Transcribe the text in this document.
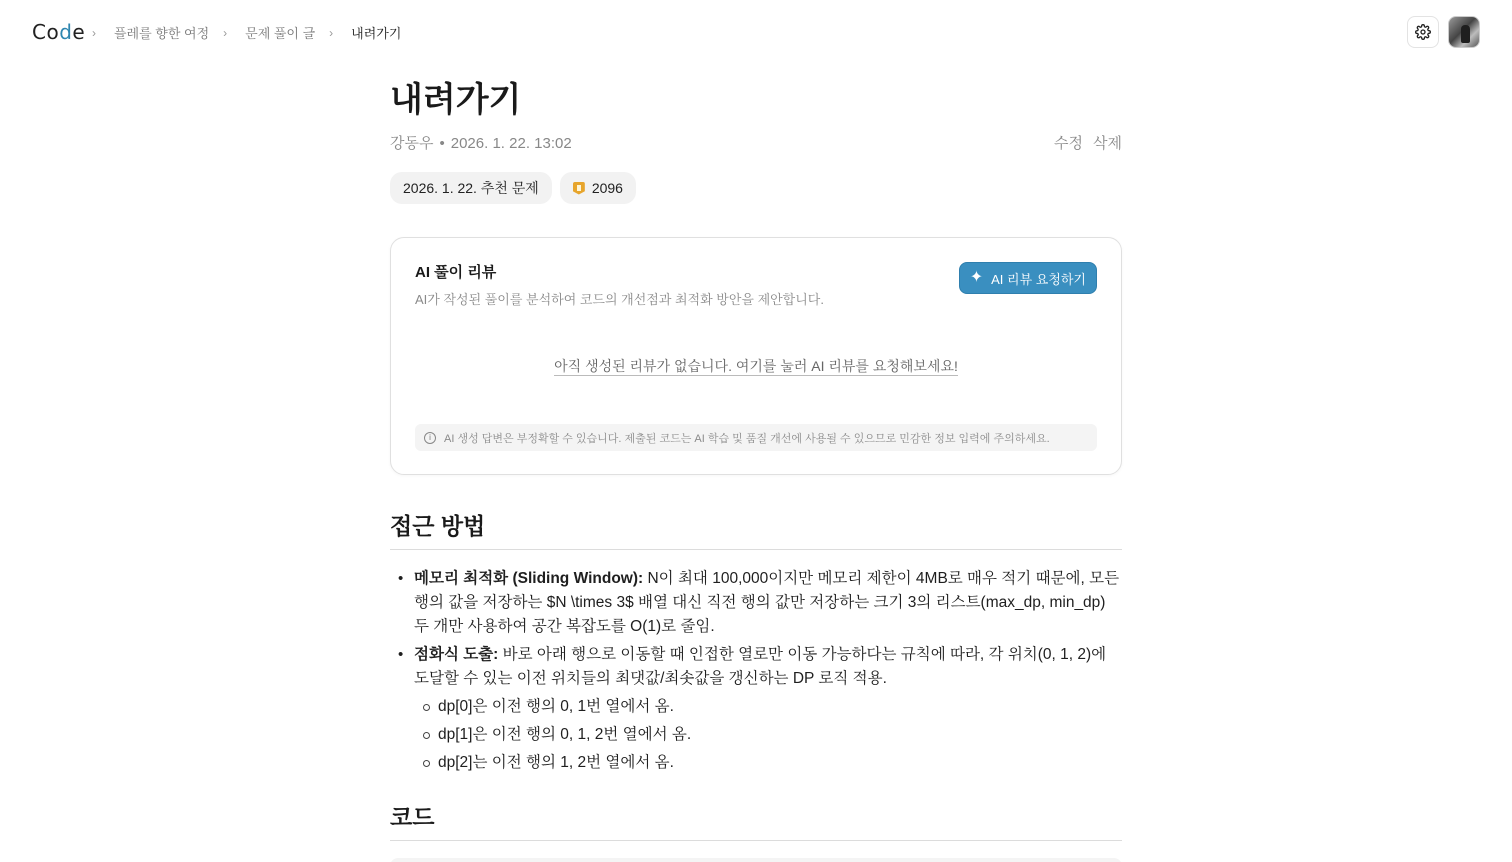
Co d e ›	플레를 향한 여정 ›	문제 풀이 글 ›	내려가기
내려가기
강동우 • 2026. 1. 22. 13:02	수정 삭제
2026. 1. 22. 추천 문제	2096
AI 풀이 리뷰
AI가 작성된 풀이를 분석하여 코드의 개선점과 최적화 방안을 제안합니다.
✦ AI 리뷰 요청하기
아직 생성된 리뷰가 없습니다. 여기를 눌러 AI 리뷰를 요청해보세요!
i	AI 생성 답변은 부정확할 수 있습니다. 제출된 코드는 AI 학습 및 품질 개선에 사용될 수 있으므로 민감한 정보 입력에 주의하세요.
접근 방법
• 메모리 최적화 (Sliding Window): N이 최대 100,000이지만 메모리 제한이 4MB로 매우 적기 때문에, 모든 행의 값을 저장하는 $N \times 3$ 배열 대신 직전 행의 값만 저장하는 크기 3의 리스트(max_dp, min_dp) 두 개만 사용하여 공간 복잡도를 O(1)로 줄임.
• 점화식 도출: 바로 아래 행으로 이동할 때 인접한 열로만 이동 가능하다는 규칙에 따라, 각 위치(0, 1, 2)에 도달할 수 있는 이전 위치들의 최댓값/최솟값을 갱신하는 DP 로직 적용.
dp[0]은 이전 행의 0, 1번 열에서 옴.
dp[1]은 이전 행의 0, 1, 2번 열에서 옴.
dp[2]는 이전 행의 1, 2번 열에서 옴.
코드
